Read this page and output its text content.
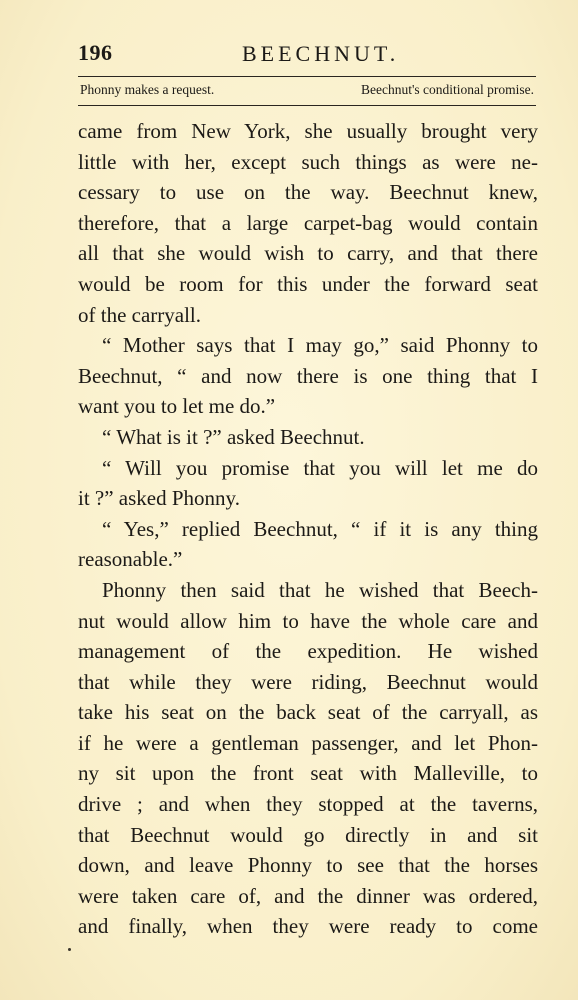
196	BEECHNUT.
Phonny makes a request.	Beechnut's conditional promise.
came from New York, she usually brought very
little with her, except such things as were ne-
cessary to use on the way. Beechnut knew,
therefore, that a large carpet-bag would contain
all that she would wish to carry, and that there
would be room for this under the forward seat
of the carryall.
“ Mother says that I may go,” said Phonny to
Beechnut, “ and now there is one thing that I
want you to let me do.”
“ What is it ?” asked Beechnut.
“ Will you promise that you will let me do
it ?” asked Phonny.
“ Yes,” replied Beechnut, “ if it is any thing
reasonable.”
Phonny then said that he wished that Beech-
nut would allow him to have the whole care and
management of the expedition. He wished
that while they were riding, Beechnut would
take his seat on the back seat of the carryall, as
if he were a gentleman passenger, and let Phon-
ny sit upon the front seat with Malleville, to
drive ; and when they stopped at the taverns,
that Beechnut would go directly in and sit
down, and leave Phonny to see that the horses
were taken care of, and the dinner was ordered,
and finally, when they were ready to come
